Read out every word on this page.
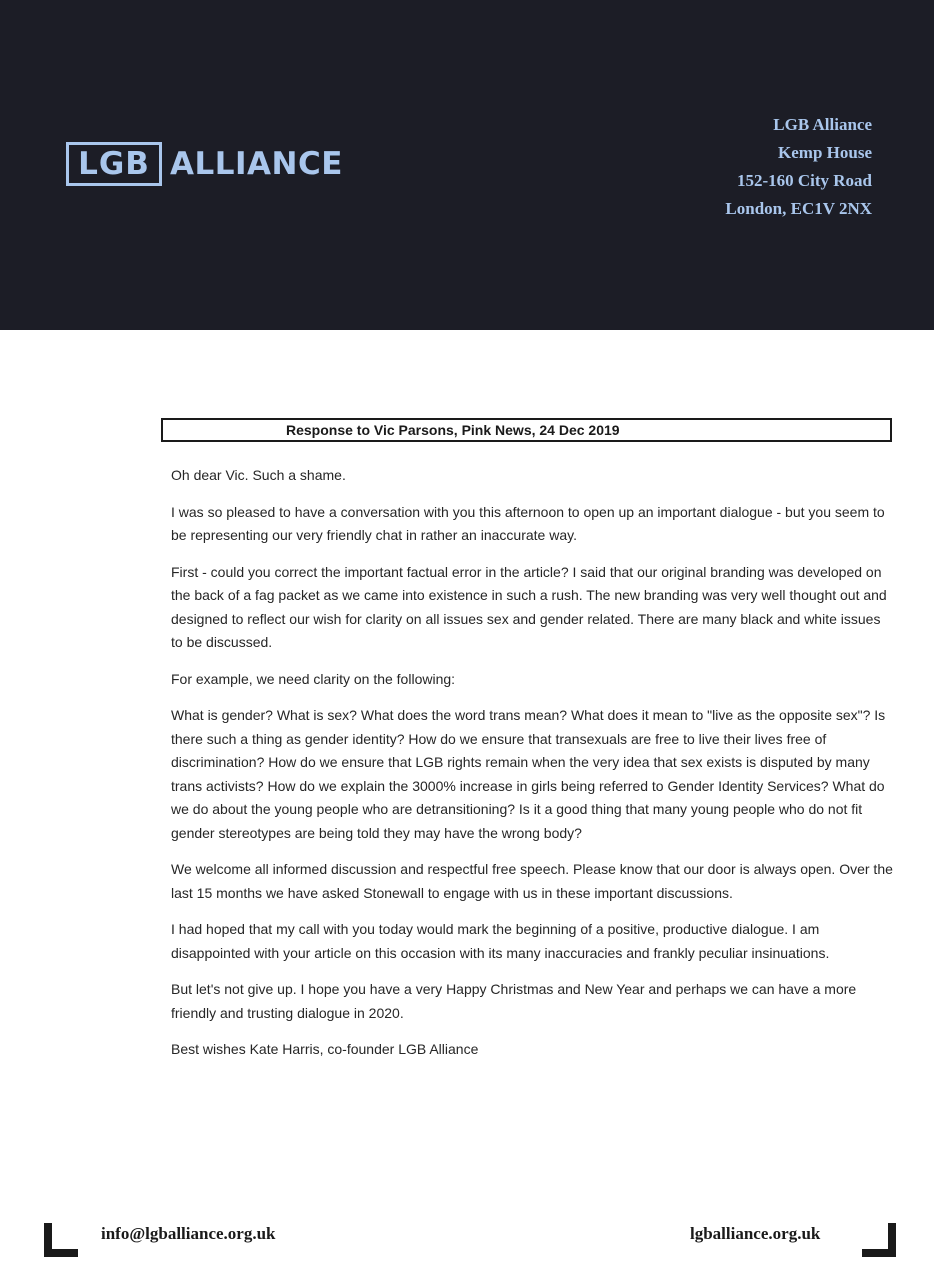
LGB ALLIANCE
LGB Alliance
Kemp House
152-160 City Road
London, EC1V 2NX
Response to Vic Parsons, Pink News, 24 Dec 2019

Oh dear Vic. Such a shame.

I was so pleased to have a conversation with you this afternoon to open up an important dialogue - but you seem to be representing our very friendly chat in rather an inaccurate way.

First - could you correct the important factual error in the article? I said that our original branding was developed on the back of a fag packet as we came into existence in such a rush. The new branding was very well thought out and designed to reflect our wish for clarity on all issues sex and gender related. There are many black and white issues to be discussed.

For example, we need clarity on the following:

What is gender? What is sex? What does the word trans mean? What does it mean to "live as the opposite sex"? Is there such a thing as gender identity? How do we ensure that transexuals are free to live their lives free of discrimination? How do we ensure that LGB rights remain when the very idea that sex exists is disputed by many trans activists? How do we explain the 3000% increase in girls being referred to Gender Identity Services? What do we do about the young people who are detransitioning? Is it a good thing that many young people who do not fit gender stereotypes are being told they may have the wrong body?

We welcome all informed discussion and respectful free speech. Please know that our door is always open. Over the last 15 months we have asked Stonewall to engage with us in these important discussions.

I had hoped that my call with you today would mark the beginning of a positive, productive dialogue. I am disappointed with your article on this occasion with its many inaccuracies and frankly peculiar insinuations.

But let's not give up. I hope you have a very Happy Christmas and New Year and perhaps we can have a more friendly and trusting dialogue in 2020.

Best wishes Kate Harris, co-founder LGB Alliance

info@lgballiance.org.uk	lgballiance.org.uk
